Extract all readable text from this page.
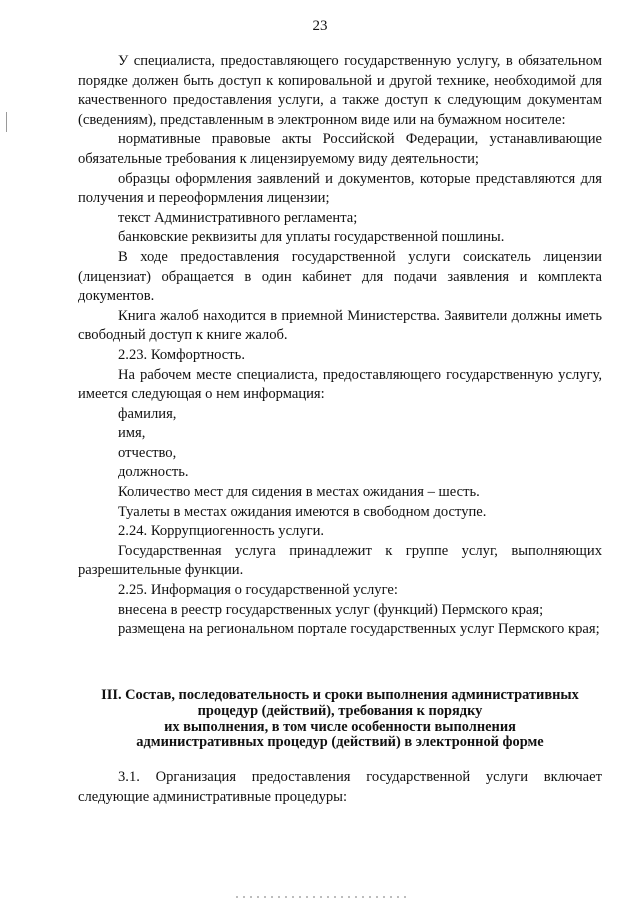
23

У специалиста, предоставляющего государственную услугу, в обязательном порядке должен быть доступ к копировальной и другой технике, необходимой для качественного предоставления услуги, а также доступ к следующим документам (сведениям), представленным в электронном виде или на бумажном носителе:

нормативные правовые акты Российской Федерации, устанавливающие обязательные требования к лицензируемому виду деятельности;

образцы оформления заявлений и документов, которые представляются для получения и переоформления лицензии;

текст Административного регламента;

банковские реквизиты для уплаты государственной пошлины.

В ходе предоставления государственной услуги соискатель лицензии (лицензиат) обращается в один кабинет для подачи заявления и комплекта документов.

Книга жалоб находится в приемной Министерства. Заявители должны иметь свободный доступ к книге жалоб.

2.23. Комфортность.

На рабочем месте специалиста, предоставляющего государственную услугу, имеется следующая о нем информация:

фамилия,

имя,

отчество,

должность.

Количество мест для сидения в местах ожидания – шесть.

Туалеты в местах ожидания имеются в свободном доступе.

2.24. Коррупциогенность услуги.

Государственная услуга принадлежит к группе услуг, выполняющих разрешительные функции.

2.25. Информация о государственной услуге:

внесена в реестр государственных услуг (функций) Пермского края;

размещена на региональном портале государственных услуг Пермского края;

III. Состав, последовательность и сроки выполнения административных
процедур (действий), требования к порядку
их выполнения, в том числе особенности выполнения
административных процедур (действий) в электронной форме

3.1. Организация предоставления государственной услуги включает следующие административные процедуры:
